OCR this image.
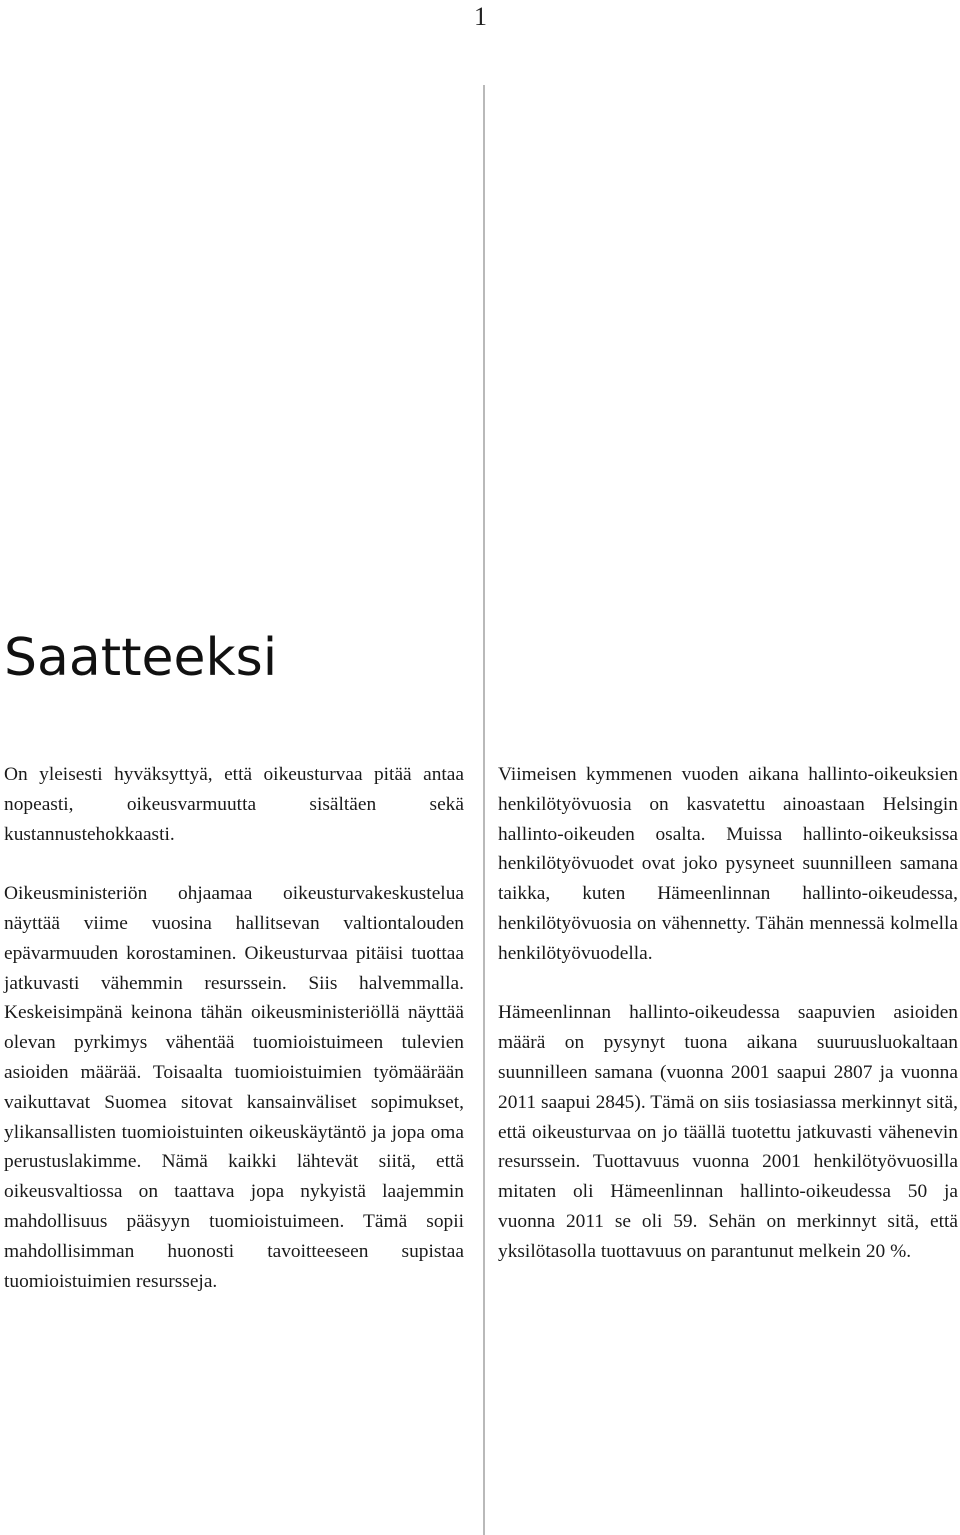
1
Saatteeksi

On yleisesti hyväksyttyä, että oikeusturvaa pitää antaa nopeasti, oikeusvarmuutta sisältäen sekä kustannustehokkaasti.

Oikeusministeriön ohjaamaa oikeusturvakeskustelua näyttää viime vuosina hallitsevan valtiontalouden epävarmuuden korostaminen. Oikeusturvaa pitäisi tuottaa jatkuvasti vähemmin resurssein. Siis halvemmalla. Keskeisimpänä keinona tähän oikeusministeriöllä näyttää olevan pyrkimys vähentää tuomioistuimeen tulevien asioiden määrää. Toisaalta tuomioistuimien työmäärään vaikuttavat Suomea sitovat kansainväliset sopimukset, ylikansallisten tuomioistuinten oikeuskäytäntö ja jopa oma perustuslakimme. Nämä kaikki lähtevät siitä, että oikeusvaltiossa on taattava jopa nykyistä laajemmin mahdollisuus pääsyyn tuomioistuimeen. Tämä sopii mahdollisimman huonosti tavoitteeseen supistaa tuomioistuimien resursseja.

Viimeisen kymmenen vuoden aikana hallinto-oikeuksien henkilötyövuosia on kasvatettu ainoastaan Helsingin hallinto-oikeuden osalta. Muissa hallinto-oikeuksissa henkilötyövuodet ovat joko pysyneet suunnilleen samana taikka, kuten Hämeenlinnan hallinto-oikeudessa, henkilötyövuosia on vähennetty. Tähän mennessä kolmella henkilötyövuodella.

Hämeenlinnan hallinto-oikeudessa saapuvien asioiden määrä on pysynyt tuona aikana suuruusluokaltaan suunnilleen samana (vuonna 2001 saapui 2807 ja vuonna 2011 saapui 2845). Tämä on siis tosiasiassa merkinnyt sitä, että oikeusturvaa on jo täällä tuotettu jatkuvasti vähenevin resurssein. Tuottavuus vuonna 2001 henkilötyövuosilla mitaten oli Hämeenlinnan hallinto-oikeudessa 50 ja vuonna 2011 se oli 59. Sehän on merkinnyt sitä, että yksilötasolla tuottavuus on parantunut melkein 20 %.
